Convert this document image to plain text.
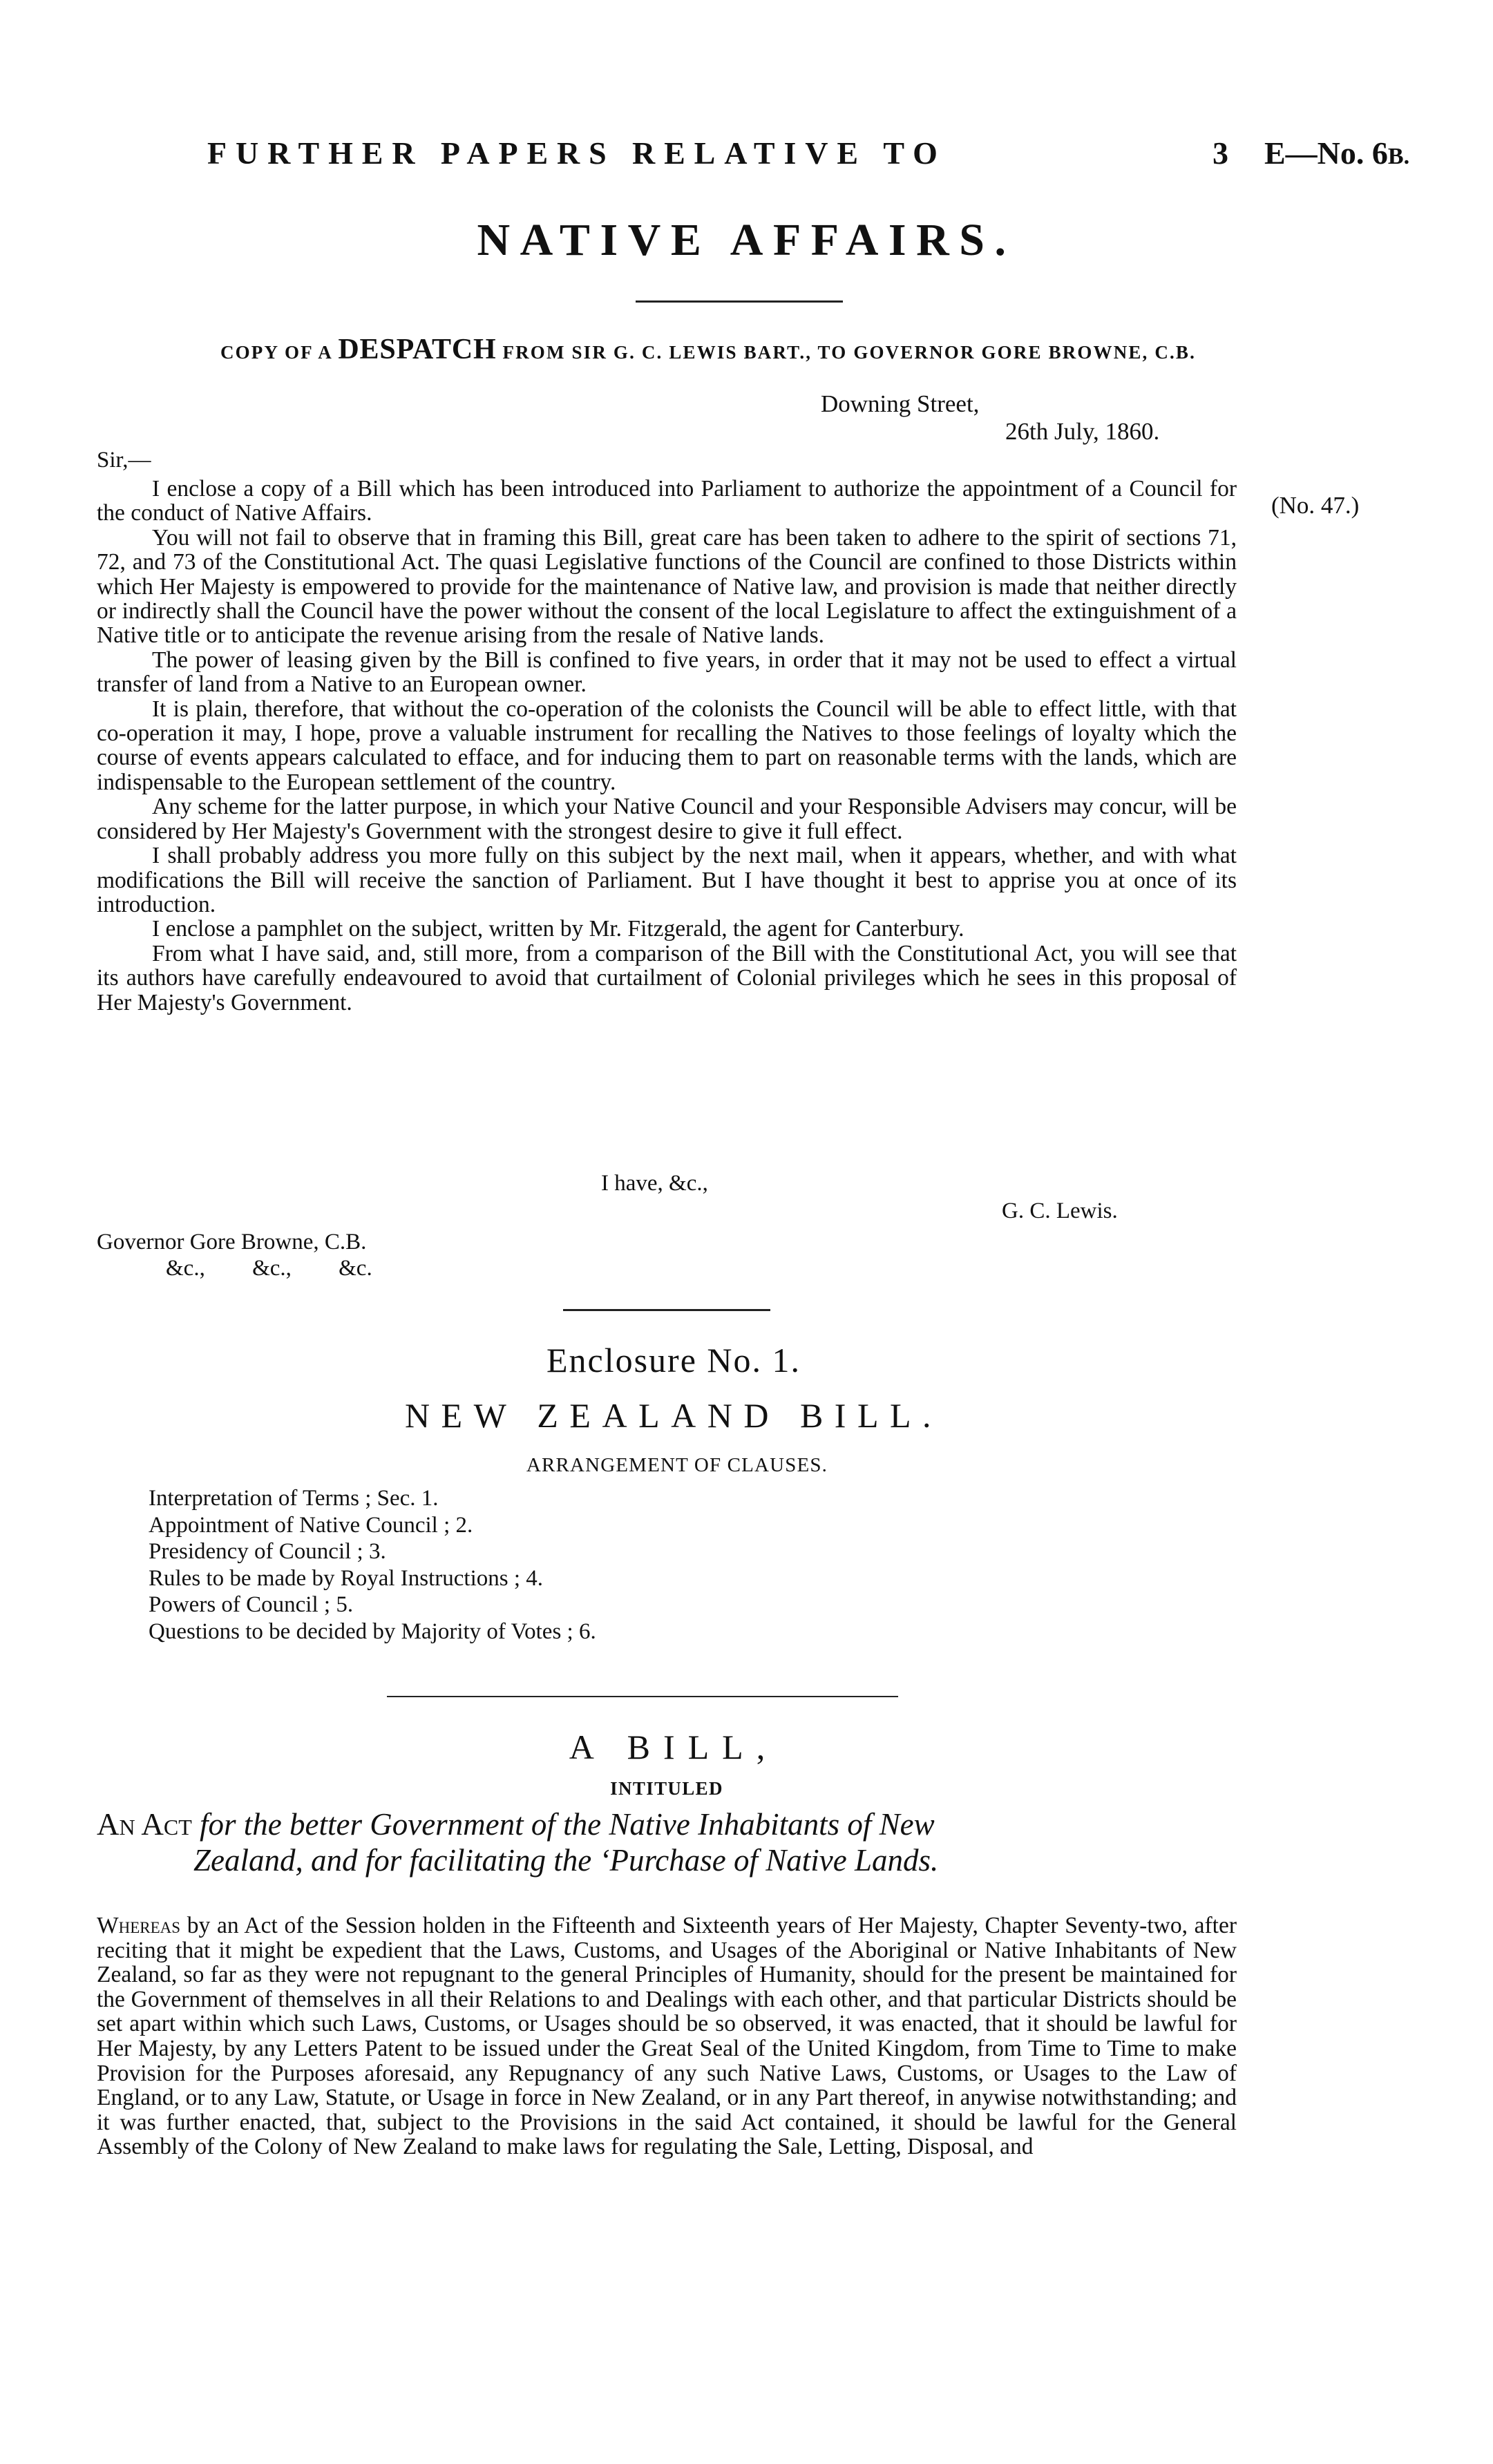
FURTHER PAPERS RELATIVE TO	3 E—No. 6B.
NATIVE AFFAIRS.
COPY OF A DESPATCH FROM SIR G. C. LEWIS BART., TO GOVERNOR GORE BROWNE, C.B.
Downing Street,
26th July, 1860.
Sir,—
(No. 47.)

I enclose a copy of a Bill which has been introduced into Parliament to authorize the appointment of a Council for the conduct of Native Affairs.

You will not fail to observe that in framing this Bill, great care has been taken to adhere to the spirit of sections 71, 72, and 73 of the Constitutional Act. The quasi Legislative functions of the Council are confined to those Districts within which Her Majesty is empowered to provide for the maintenance of Native law, and provision is made that neither directly or indirectly shall the Council have the power without the consent of the local Legislature to affect the extinguishment of a Native title or to anticipate the revenue arising from the resale of Native lands.

The power of leasing given by the Bill is confined to five years, in order that it may not be used to effect a virtual transfer of land from a Native to an European owner.

It is plain, therefore, that without the co-operation of the colonists the Council will be able to effect little, with that co-operation it may, I hope, prove a valuable instrument for recalling the Natives to those feelings of loyalty which the course of events appears calculated to efface, and for inducing them to part on reasonable terms with the lands, which are indispensable to the European settlement of the country.

Any scheme for the latter purpose, in which your Native Council and your Responsible Advisers may concur, will be considered by Her Majesty's Government with the strongest desire to give it full effect.

I shall probably address you more fully on this subject by the next mail, when it appears, whether, and with what modifications the Bill will receive the sanction of Parliament. But I have thought it best to apprise you at once of its introduction.

I enclose a pamphlet on the subject, written by Mr. Fitzgerald, the agent for Canterbury.

From what I have said, and, still more, from a comparison of the Bill with the Constitutional Act, you will see that its authors have carefully endeavoured to avoid that curtailment of Colonial privileges which he sees in this proposal of Her Majesty's Government.

I have, &c.,
G. C. Lewis.
Governor Gore Browne, C.B.
&c., &c., &c.
Enclosure No. 1.
NEW ZEALAND BILL.
ARRANGEMENT OF CLAUSES.
Interpretation of Terms ; Sec. 1.
Appointment of Native Council ; 2.
Presidency of Council ; 3.
Rules to be made by Royal Instructions ; 4.
Powers of Council ; 5.
Questions to be decided by Majority of Votes ; 6.
A BILL,
INTITULED
An Act for the better Government of the Native Inhabitants of New
Zealand, and for facilitating the ʻPurchase of Native Lands.

Whereas by an Act of the Session holden in the Fifteenth and Sixteenth years of Her Majesty, Chapter Seventy-two, after reciting that it might be expedient that the Laws, Customs, and Usages of the Aboriginal or Native Inhabitants of New Zealand, so far as they were not repugnant to the general Principles of Humanity, should for the present be maintained for the Government of themselves in all their Relations to and Dealings with each other, and that particular Districts should be set apart within which such Laws, Customs, or Usages should be so observed, it was enacted, that it should be lawful for Her Majesty, by any Letters Patent to be issued under the Great Seal of the United Kingdom, from Time to Time to make Provision for the Purposes aforesaid, any Repugnancy of any such Native Laws, Customs, or Usages to the Law of England, or to any Law, Statute, or Usage in force in New Zealand, or in any Part thereof, in anywise notwithstanding; and it was further enacted, that, subject to the Provisions in the said Act contained, it should be lawful for the General Assembly of the Colony of New Zealand to make laws for regulating the Sale, Letting, Disposal, and
